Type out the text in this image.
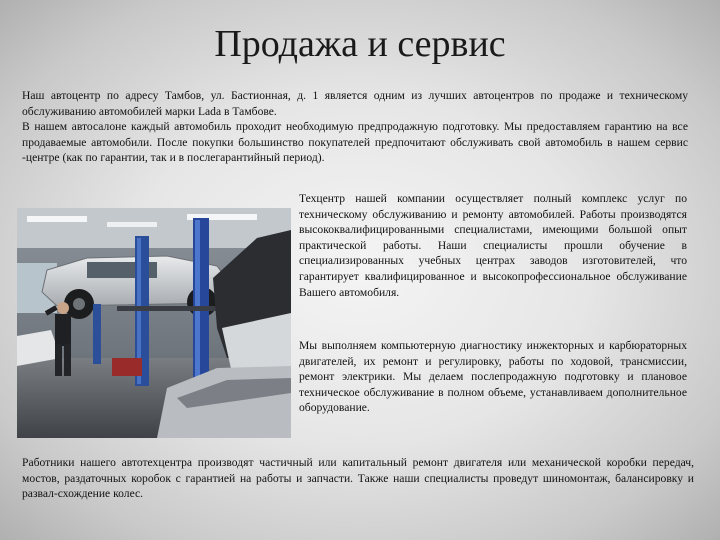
Продажа и сервис
Наш автоцентр по адресу Тамбов, ул. Бастионная, д. 1 является одним из лучших автоцентров по продаже и техническому обслуживанию автомобилей марки Lada в Тамбове.
В нашем автосалоне каждый автомобиль проходит необходимую предпродажную подготовку. Мы предоставляем гарантию на все продаваемые автомобили. После покупки большинство покупателей предпочитают обслуживать свой автомобиль в нашем сервис -центре (как по гарантии, так и в послегарантийный период).
Техцентр нашей компании осуществляет полный комплекс услуг по техническому обслуживанию и ремонту автомобилей. Работы производятся высококвалифицированными специалистами, имеющими большой опыт практической работы. Наши специалисты прошли обучение в специализированных учебных центрах заводов изготовителей, что гарантирует квалифицированное и высокопрофессиональное обслуживание Вашего автомобиля.
Мы выполняем компьютерную диагностику инжекторных и карбюраторных двигателей, их ремонт и регулировку, работы по ходовой, трансмиссии, ремонт электрики. Мы делаем послепродажную подготовку и плановое техническое обслуживание в полном объеме, устанавливаем дополнительное оборудование.
Работники нашего автотехцентра производят частичный или капитальный ремонт двигателя или механической коробки передач, мостов, раздаточных коробок с гарантией на работы и запчасти. Также наши специалисты проведут шиномонтаж, балансировку и развал-схождение колес.
